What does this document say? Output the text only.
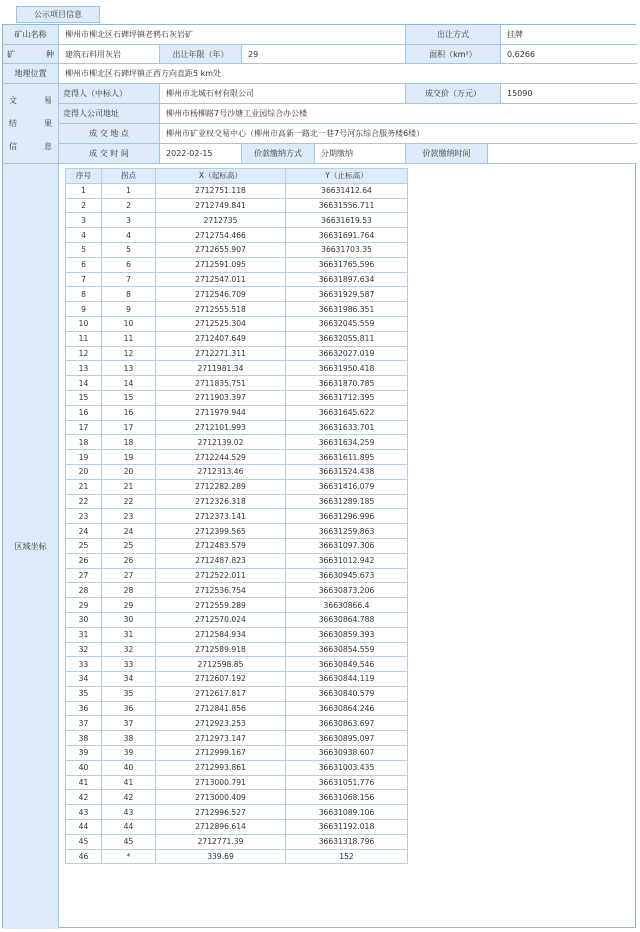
公示项目信息
矿山名称	柳州市柳北区石碑坪镇老鸦石灰岩矿	出让方式	挂牌
矿	种	建筑石料用灰岩	出让年限（年）	29	面积（km²）	0.6266
地理位置	柳州市柳北区石碑坪镇正西方向直距5 km处
文	易
结	果
信	息
竞得人（中标人）	柳州市北城石材有限公司	成交价（万元）	15090
竞得人公司地址	柳州市杨柳路7号沙塘工业园综合办公楼
成 交 地 点	柳州市矿业权交易中心（柳州市高新一路北一巷7号河东综合服务楼6楼）
成 交 时 间	2022-02-15	价款缴纳方式	分期缴纳	价款缴纳时间
区域坐标
序号	拐点	X（起标高）	Y（止标高）
1	1	2712751.118	36631412.64
2	2	2712749.841	36631556.711
3	3	2712735	36631619.53
4	4	2712754.466	36631691.764
5	5	2712655.907	36631703.35
6	6	2712591.095	36631765.596
7	7	2712547.011	36631897.634
8	8	2712546.709	36631929.587
9	9	2712555.518	36631986.351
10	10	2712525.304	36632045.559
11	11	2712407.649	36632055.811
12	12	2712271.311	36632027.019
13	13	2711981.34	36631950.418
14	14	2711835.751	36631870.785
15	15	2711903.397	36631712.395
16	16	2711979.944	36631645.622
17	17	2712101.993	36631633.701
18	18	2712139.02	36631634.259
19	19	2712244.529	36631611.895
20	20	2712313.46	36631524.438
21	21	2712282.289	36631416.079
22	22	2712326.318	36631289.185
23	23	2712373.141	36631296.996
24	24	2712399.565	36631259.863
25	25	2712483.579	36631097.306
26	26	2712487.823	36631012.942
27	27	2712522.011	36630945.673
28	28	2712536.754	36630873.206
29	29	2712559.289	36630866.4
30	30	2712570.024	36630864.788
31	31	2712584.934	36630859.393
32	32	2712589.918	36630854.559
33	33	2712598.85	36630849.546
34	34	2712607.192	36630844.119
35	35	2712617.817	36630840.579
36	36	2712841.856	36630864.246
37	37	2712923.253	36630863.697
38	38	2712973.147	36630895.097
39	39	2712999.167	36630938.607
40	40	2712993.861	36631003.435
41	41	2713000.791	36631051.776
42	42	2713000.409	36631068.156
43	43	2712996.527	36631089.106
44	44	2712896.614	36631192.018
45	45	2712771.39	36631318.796
46	*	339.69	152
